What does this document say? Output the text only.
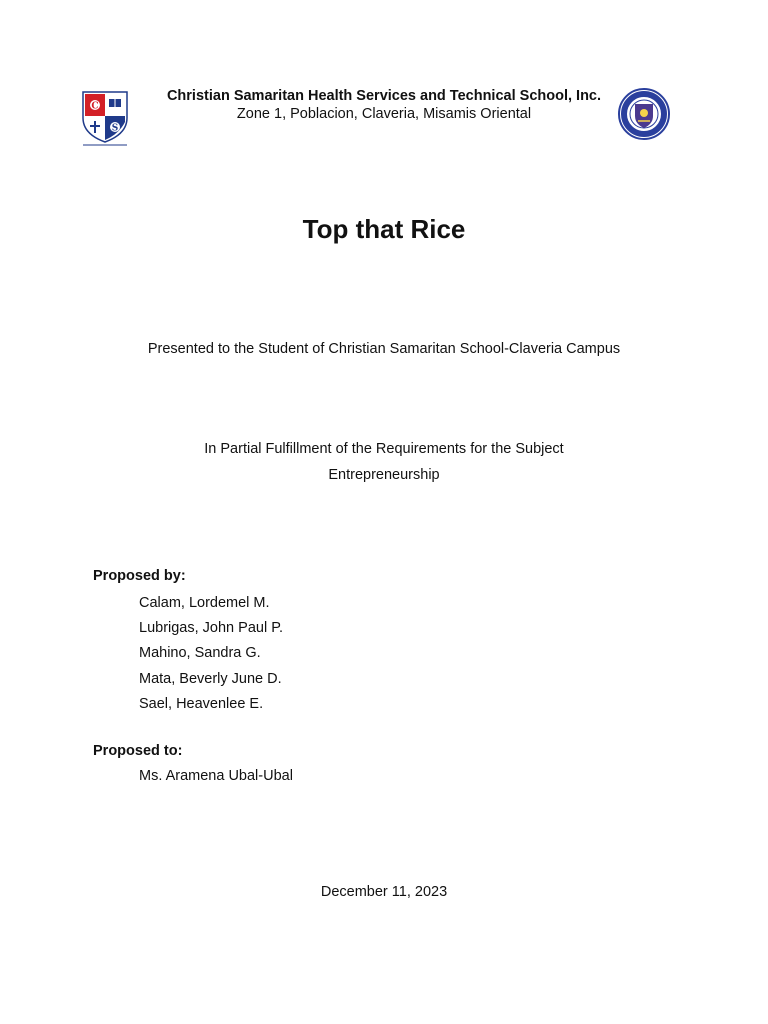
C
S
Christian Samaritan Health Services and Technical School, Inc.
Zone 1, Poblacion, Claveria, Misamis Oriental
Top that Rice
Presented to the Student of Christian Samaritan School-Claveria Campus
In Partial Fulfillment of the Requirements for the Subject
Entrepreneurship
Proposed by:
Calam, Lordemel M.
Lubrigas, John Paul P.
Mahino, Sandra G.
Mata, Beverly June D.
Sael, Heavenlee E.
Proposed to:
Ms. Aramena Ubal-Ubal
December 11, 2023
